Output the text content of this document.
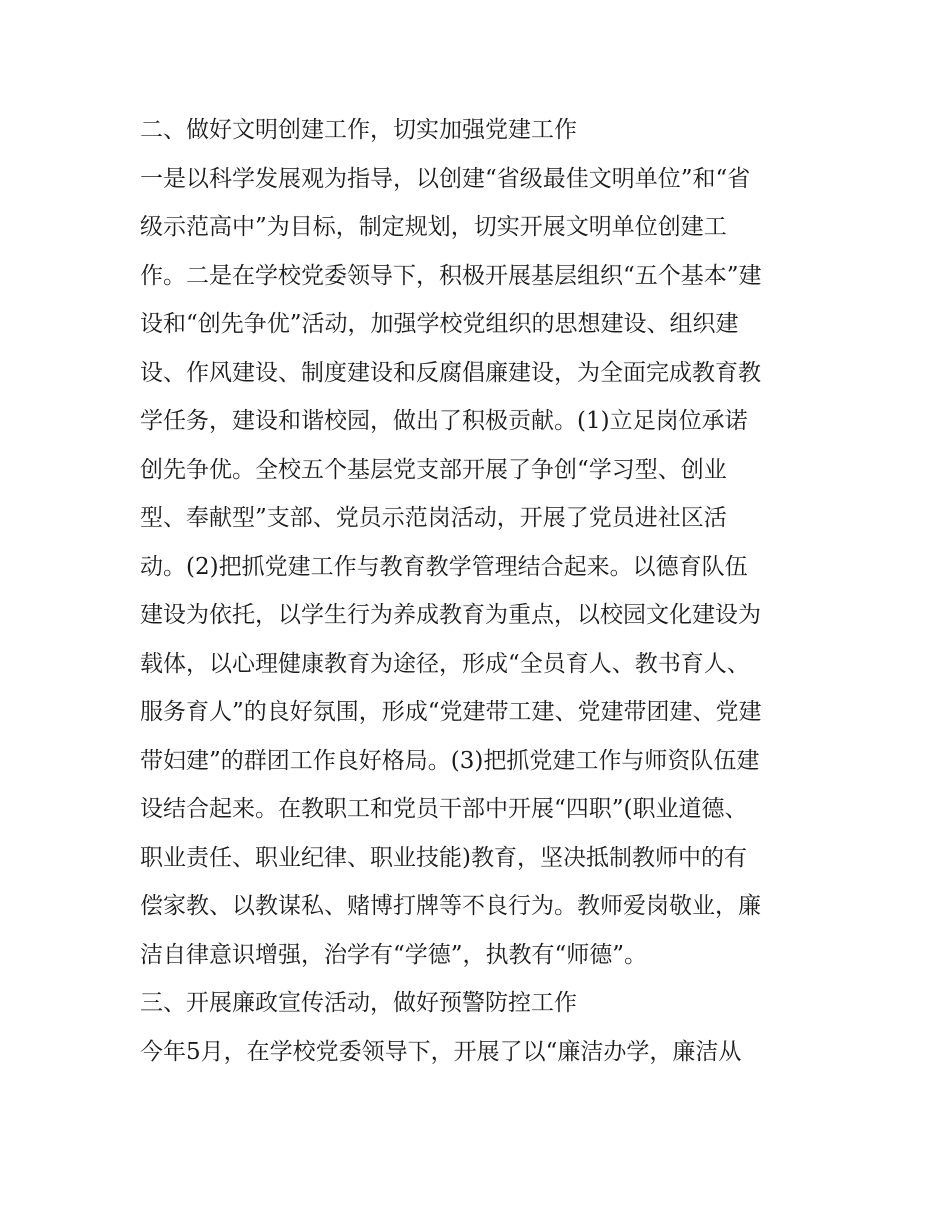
二、做好文明创建工作，切实加强党建工作
一是以科学发展观为指导，以创建“省级最佳文明单位”和“省
级示范高中”为目标，制定规划，切实开展文明单位创建工
作。二是在学校党委领导下，积极开展基层组织“五个基本”建
设和“创先争优”活动，加强学校党组织的思想建设、组织建
设、作风建设、制度建设和反腐倡廉建设，为全面完成教育教
学任务，建设和谐校园，做出了积极贡献。(1)立足岗位承诺
创先争优。全校五个基层党支部开展了争创“学习型、创业
型、奉献型”支部、党员示范岗活动，开展了党员进社区活
动。(2)把抓党建工作与教育教学管理结合起来。以德育队伍
建设为依托，以学生行为养成教育为重点，以校园文化建设为
载体，以心理健康教育为途径，形成“全员育人、教书育人、
服务育人”的良好氛围，形成“党建带工建、党建带团建、党建
带妇建”的群团工作良好格局。(3)把抓党建工作与师资队伍建
设结合起来。在教职工和党员干部中开展“四职”(职业道德、
职业责任、职业纪律、职业技能)教育，坚决抵制教师中的有
偿家教、以教谋私、赌博打牌等不良行为。教师爱岗敬业，廉
洁自律意识增强，治学有“学德”，执教有“师德”。
三、开展廉政宣传活动，做好预警防控工作
今年5月，在学校党委领导下，开展了以“廉洁办学，廉洁从
